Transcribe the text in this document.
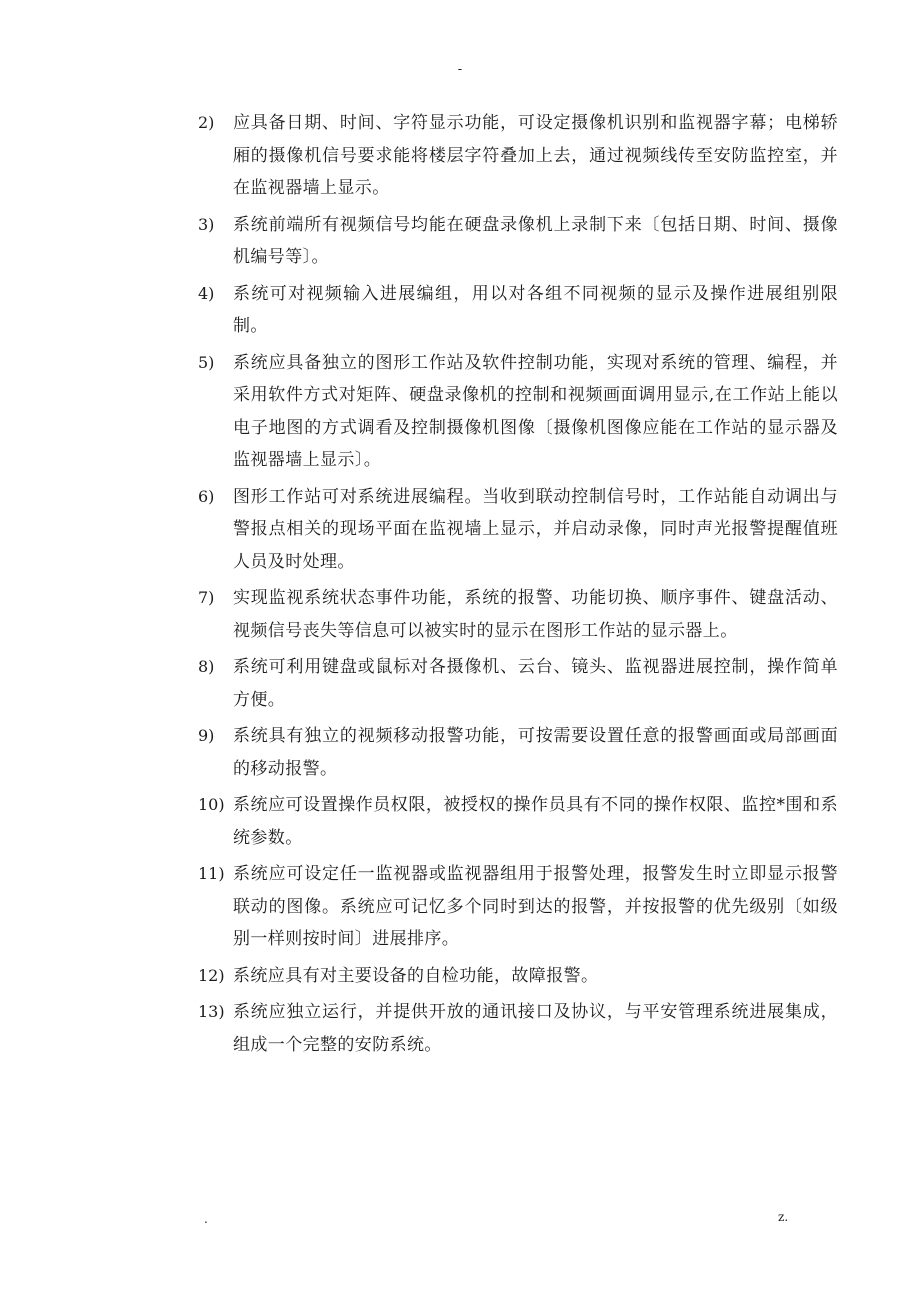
-
2)	应具备日期、时间、字符显示功能，可设定摄像机识别和监视器字幕；电梯轿厢的摄像机信号要求能将楼层字符叠加上去，通过视频线传至安防监控室，并在监视器墙上显示。
3)	系统前端所有视频信号均能在硬盘录像机上录制下来〔包括日期、时间、摄像机编号等〕。
4)	系统可对视频输入进展编组，用以对各组不同视频的显示及操作进展组别限制。
5)	系统应具备独立的图形工作站及软件控制功能，实现对系统的管理、编程，并采用软件方式对矩阵、硬盘录像机的控制和视频画面调用显示,在工作站上能以电子地图的方式调看及控制摄像机图像〔摄像机图像应能在工作站的显示器及监视器墙上显示〕。
6)	图形工作站可对系统进展编程。当收到联动控制信号时，工作站能自动调出与警报点相关的现场平面在监视墙上显示，并启动录像，同时声光报警提醒值班人员及时处理。
7)	实现监视系统状态事件功能，系统的报警、功能切换、顺序事件、键盘活动、视频信号丧失等信息可以被实时的显示在图形工作站的显示器上。
8)	系统可利用键盘或鼠标对各摄像机、云台、镜头、监视器进展控制，操作简单方便。
9)	系统具有独立的视频移动报警功能，可按需要设置任意的报警画面或局部画面的移动报警。
10) 系统应可设置操作员权限，被授权的操作员具有不同的操作权限、监控*围和系统参数。
11) 系统应可设定任一监视器或监视器组用于报警处理，报警发生时立即显示报警联动的图像。系统应可记忆多个同时到达的报警，并按报警的优先级别〔如级别一样则按时间〕进展排序。
12) 系统应具有对主要设备的自检功能，故障报警。
13) 系统应独立运行，并提供开放的通讯接口及协议，与平安管理系统进展集成，组成一个完整的安防系统。
.	z.
